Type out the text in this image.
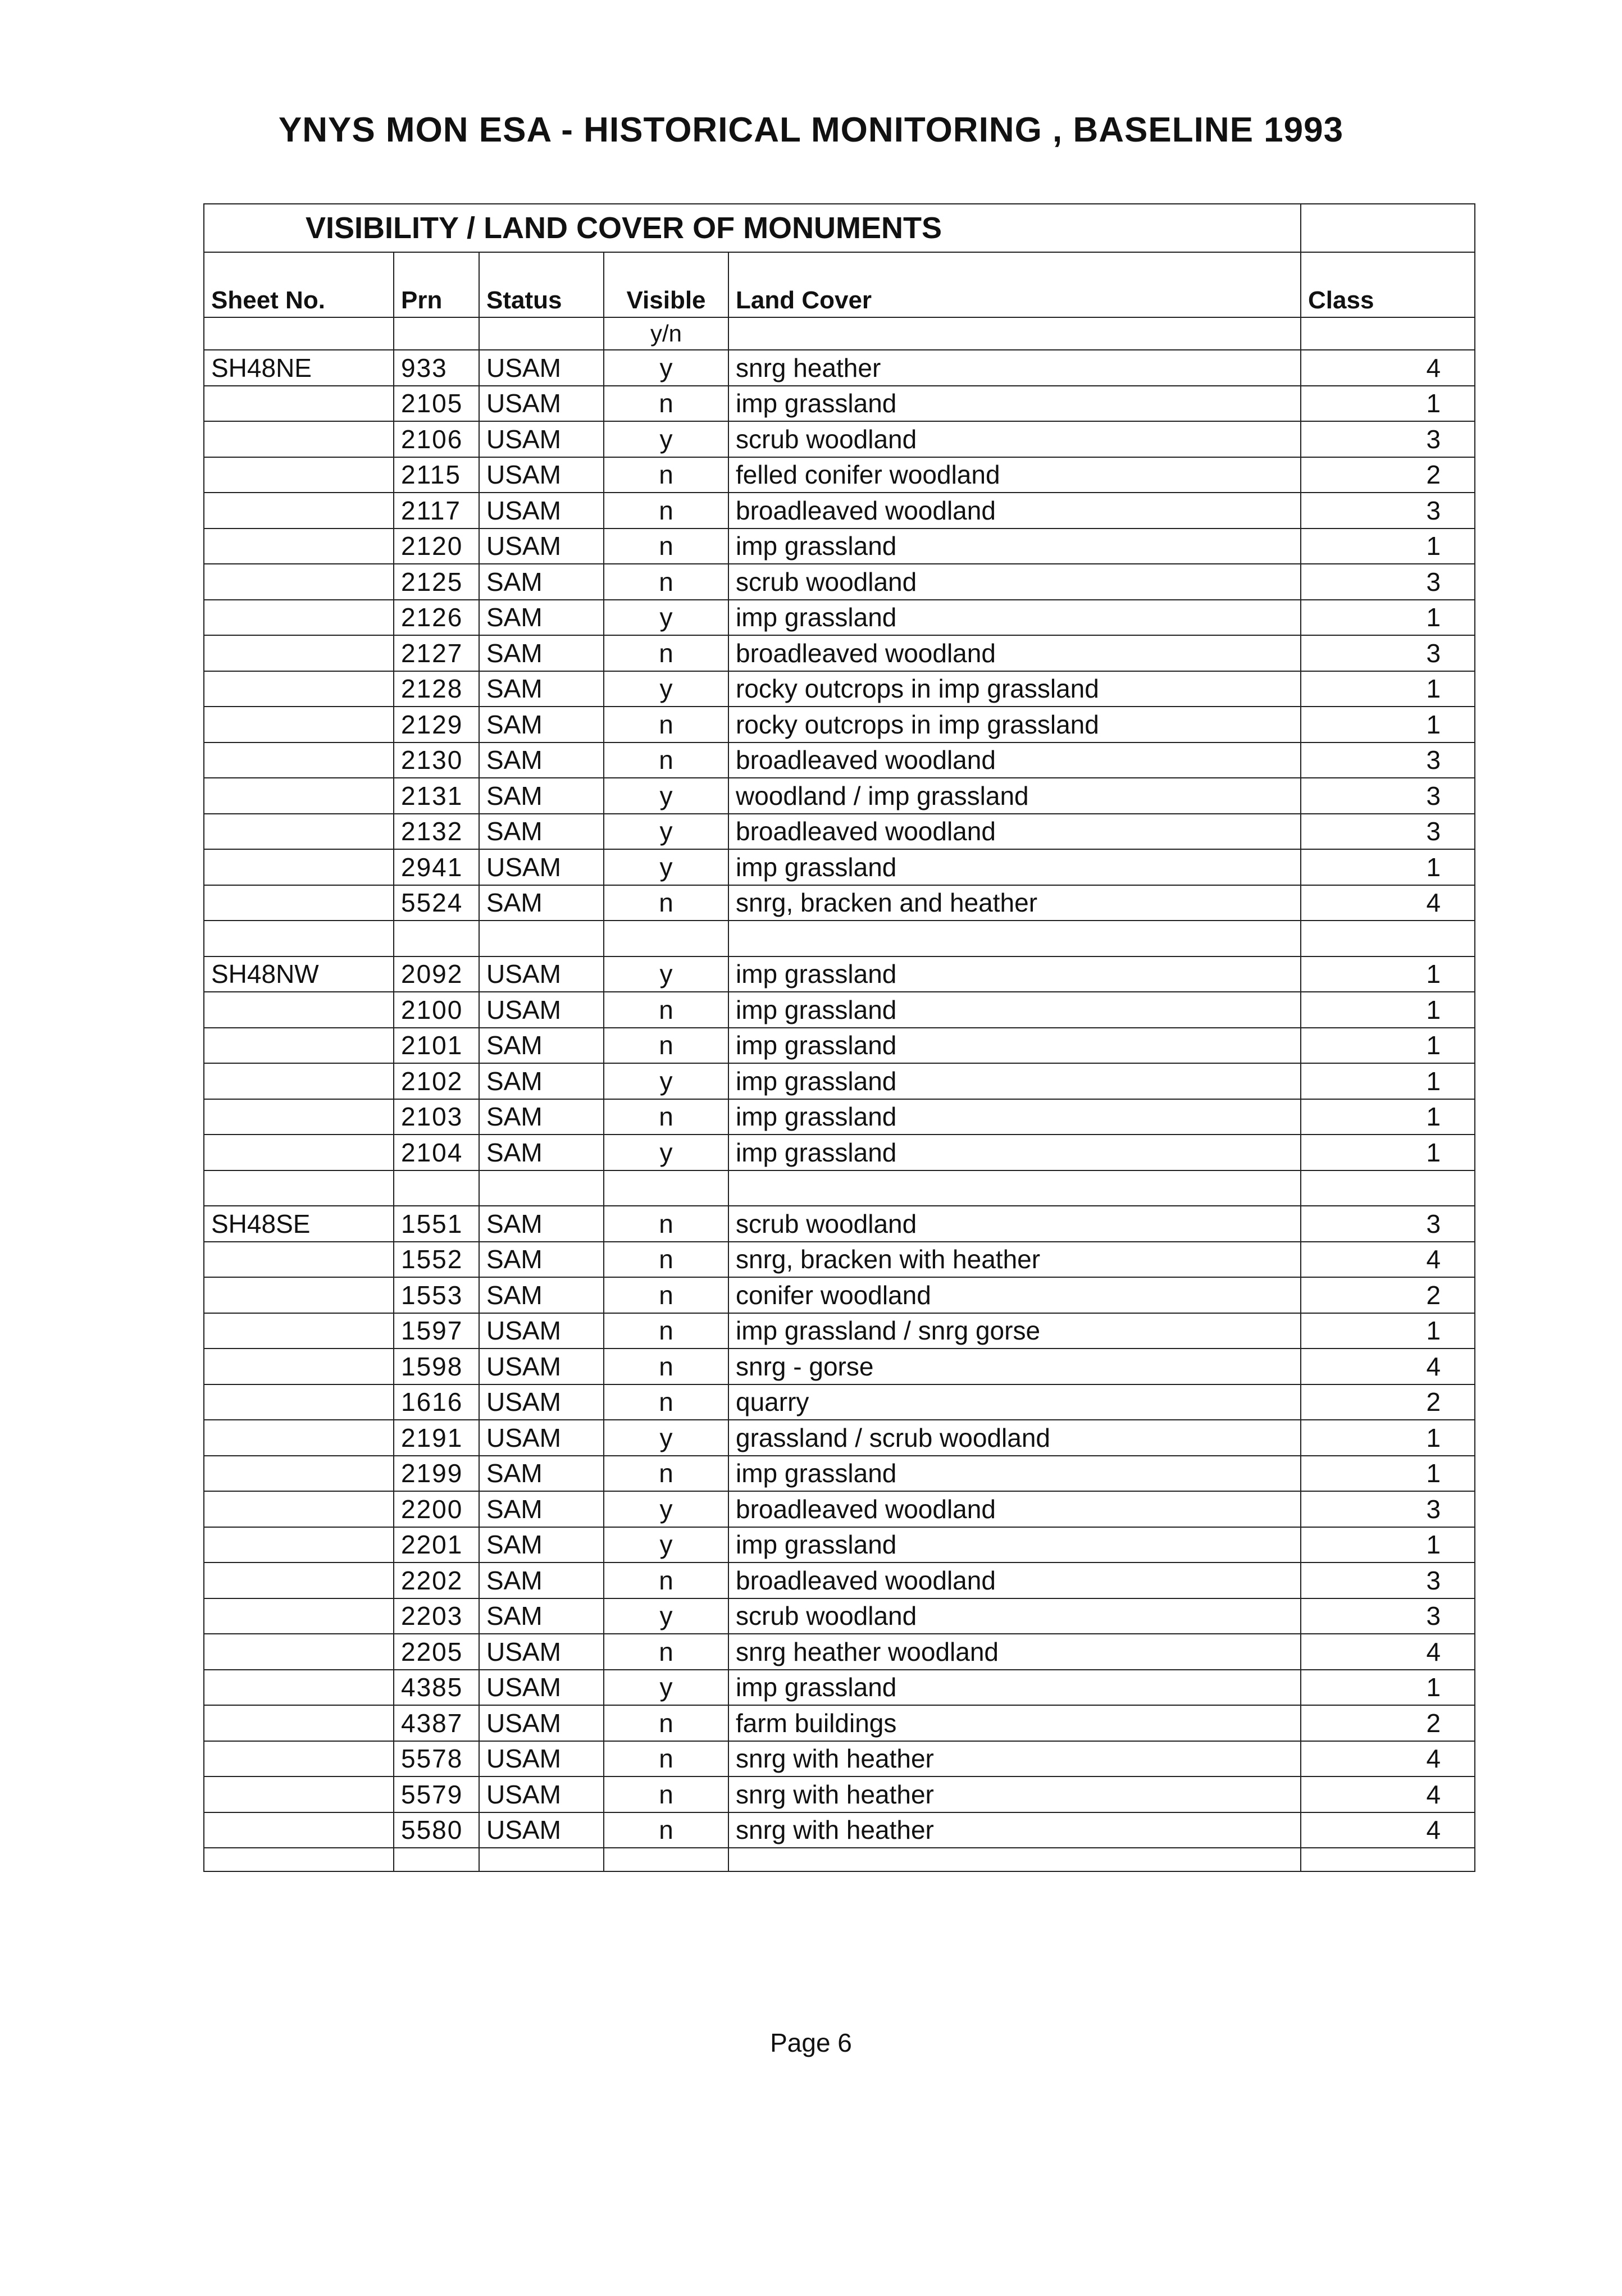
YNYS MON ESA - HISTORICAL MONITORING , BASELINE 1993
VISIBILITY / LAND COVER OF MONUMENTS					
Sheet No.	Prn	Status	Visible	Land Cover	Class
			y/n		
SH48NE	933	USAM	y	snrg heather	4
	2105	USAM	n	imp grassland	1
	2106	USAM	y	scrub woodland	3
	2115	USAM	n	felled conifer woodland	2
	2117	USAM	n	broadleaved woodland	3
	2120	USAM	n	imp grassland	1
	2125	SAM	n	scrub woodland	3
	2126	SAM	y	imp grassland	1
	2127	SAM	n	broadleaved woodland	3
	2128	SAM	y	rocky outcrops in imp grassland	1
	2129	SAM	n	rocky outcrops in imp grassland	1
	2130	SAM	n	broadleaved woodland	3
	2131	SAM	y	woodland / imp grassland	3
	2132	SAM	y	broadleaved woodland	3
	2941	USAM	y	imp grassland	1
	5524	SAM	n	snrg, bracken and heather	4

SH48NW	2092	USAM	y	imp grassland	1
	2100	USAM	n	imp grassland	1
	2101	SAM	n	imp grassland	1
	2102	SAM	y	imp grassland	1
	2103	SAM	n	imp grassland	1
	2104	SAM	y	imp grassland	1

SH48SE	1551	SAM	n	scrub woodland	3
	1552	SAM	n	snrg, bracken with heather	4
	1553	SAM	n	conifer woodland	2
	1597	USAM	n	imp grassland / snrg gorse	1
	1598	USAM	n	snrg - gorse	4
	1616	USAM	n	quarry	2
	2191	USAM	y	grassland / scrub woodland	1
	2199	SAM	n	imp grassland	1
	2200	SAM	y	broadleaved woodland	3
	2201	SAM	y	imp grassland	1
	2202	SAM	n	broadleaved woodland	3
	2203	SAM	y	scrub woodland	3
	2205	USAM	n	snrg heather woodland	4
	4385	USAM	y	imp grassland	1
	4387	USAM	n	farm buildings	2
	5578	USAM	n	snrg with heather	4
	5579	USAM	n	snrg with heather	4
	5580	USAM	n	snrg with heather	4

Page 6
